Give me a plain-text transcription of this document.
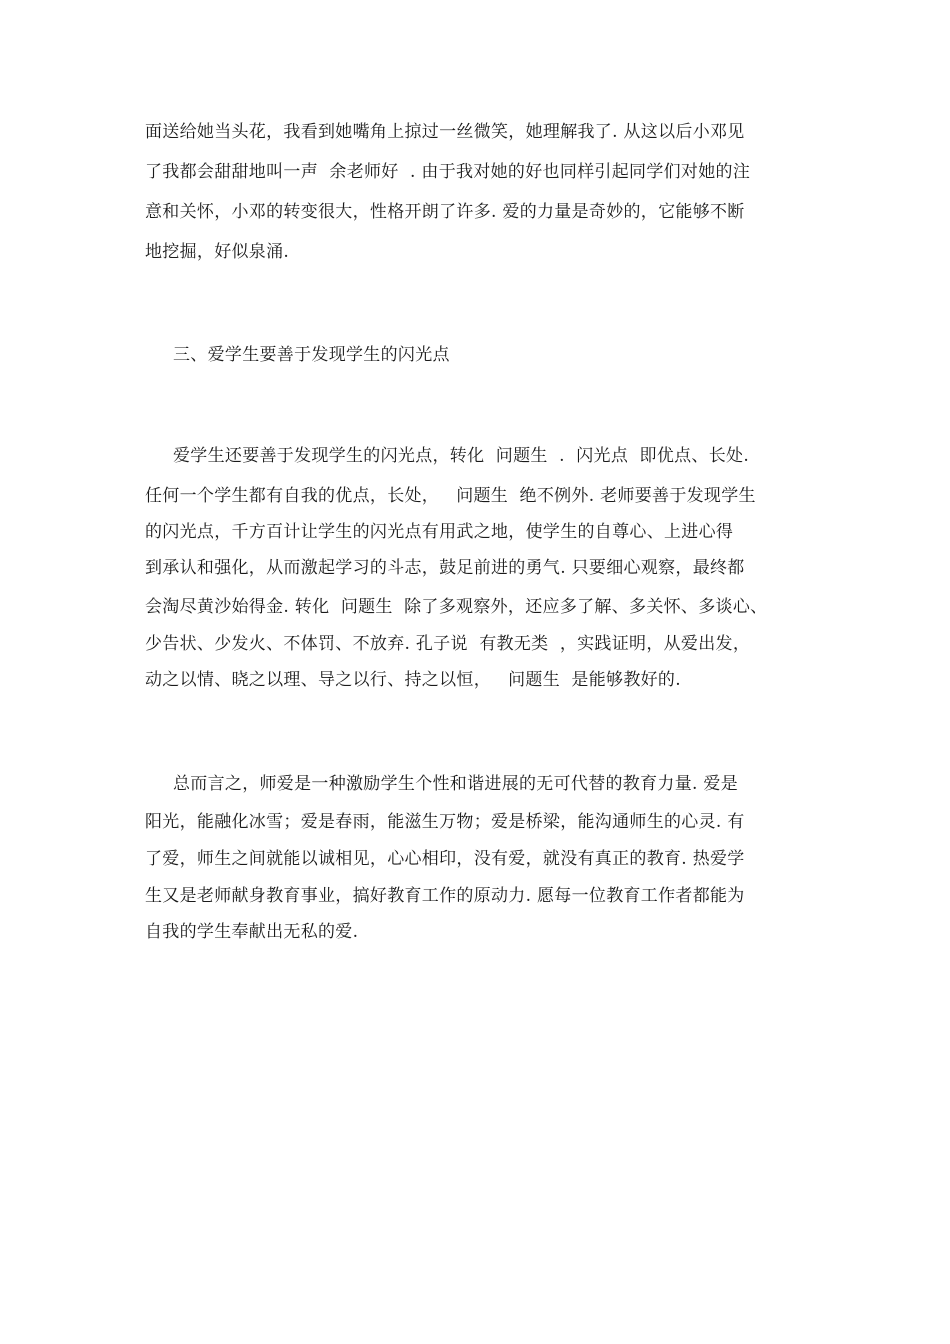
面送给她当头花，我看到她嘴角上掠过一丝微笑，她理解我了. 从这以后小邓见
了我都会甜甜地叫一声  余老师好  . 由于我对她的好也同样引起同学们对她的注
意和关怀，小邓的转变很大，性格开朗了许多. 爱的力量是奇妙的，它能够不断
地挖掘，好似泉涌.
三、爱学生要善于发现学生的闪光点
爱学生还要善于发现学生的闪光点，转化  问题生  .  闪光点  即优点、长处.
任何一个学生都有自我的优点，长处，   问题生  绝不例外. 老师要善于发现学生
的闪光点，千方百计让学生的闪光点有用武之地，使学生的自尊心、上进心得
到承认和强化，从而激起学习的斗志，鼓足前进的勇气. 只要细心观察，最终都
会淘尽黄沙始得金. 转化  问题生  除了多观察外，还应多了解、多关怀、多谈心、
少告状、少发火、不体罚、不放弃. 孔子说  有教无类  ，实践证明，从爱出发，
动之以情、晓之以理、导之以行、持之以恒，   问题生  是能够教好的.
总而言之，师爱是一种激励学生个性和谐进展的无可代替的教育力量. 爱是
阳光，能融化冰雪；爱是春雨，能滋生万物；爱是桥梁，能沟通师生的心灵. 有
了爱，师生之间就能以诚相见，心心相印，没有爱，就没有真正的教育. 热爱学
生又是老师献身教育事业，搞好教育工作的原动力. 愿每一位教育工作者都能为
自我的学生奉献出无私的爱.
